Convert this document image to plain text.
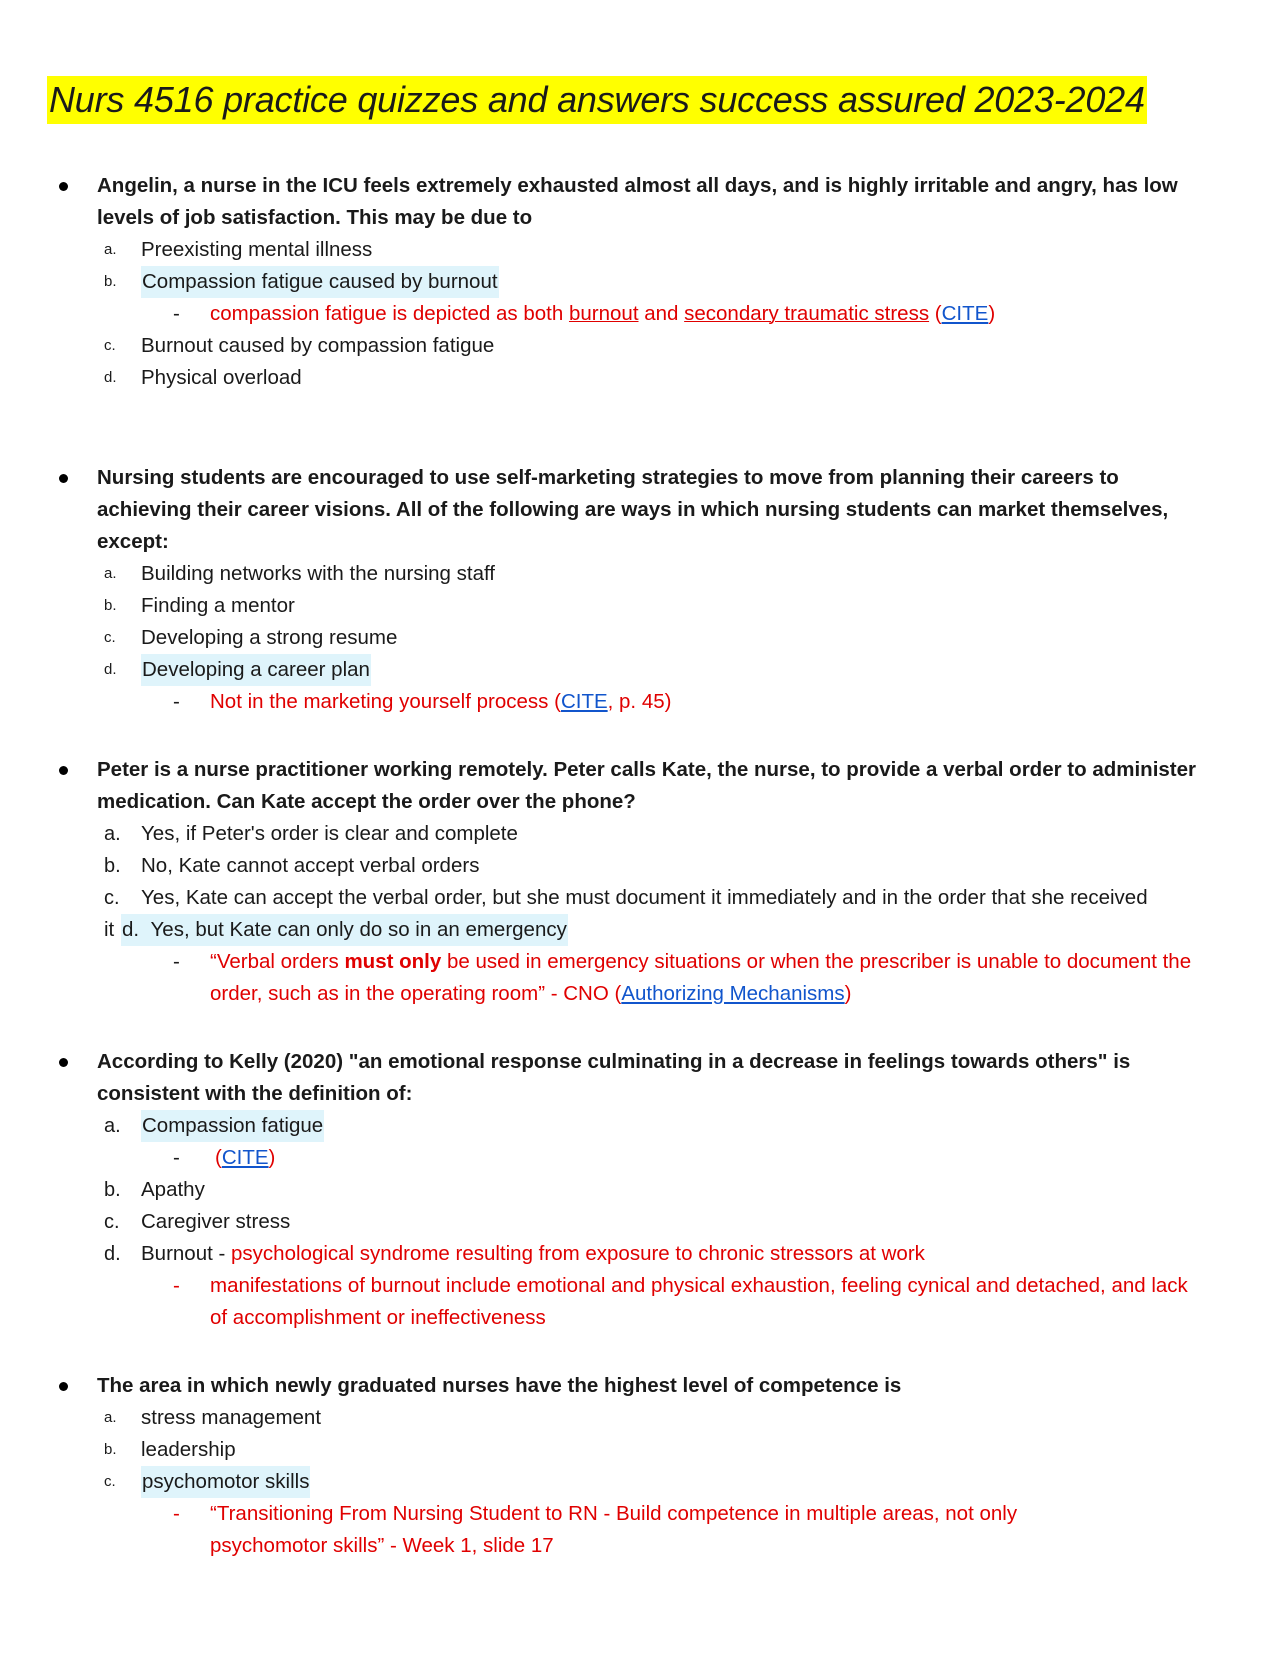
Nurs 4516 practice quizzes and answers success assured 2023-2024

Angelin, a nurse in the ICU feels extremely exhausted almost all days, and is highly irritable and angry, has low levels of job satisfaction. This may be due to

a. Preexisting mental illness
b. Compassion fatigue caused by burnout
- compassion fatigue is depicted as both burnout and secondary traumatic stress (CITE)
c. Burnout caused by compassion fatigue
d. Physical overload

Nursing students are encouraged to use self-marketing strategies to move from planning their careers to achieving their career visions. All of the following are ways in which nursing students can market themselves, except:

a. Building networks with the nursing staff
b. Finding a mentor
c. Developing a strong resume
d. Developing a career plan
- Not in the marketing yourself process (CITE, p. 45)

Peter is a nurse practitioner working remotely. Peter calls Kate, the nurse, to provide a verbal order to administer medication. Can Kate accept the order over the phone?

a. Yes, if Peter's order is clear and complete
b. No, Kate cannot accept verbal orders
c. Yes, Kate can accept the verbal order, but she must document it immediately and in the order that she received
it d. Yes, but Kate can only do so in an emergency
- “Verbal orders must only be used in emergency situations or when the prescriber is unable to document the order, such as in the operating room” - CNO (Authorizing Mechanisms)

According to Kelly (2020) "an emotional response culminating in a decrease in feelings towards others" is consistent with the definition of:

a. Compassion fatigue
- (CITE)
b. Apathy
c. Caregiver stress
d. Burnout - psychological syndrome resulting from exposure to chronic stressors at work
- manifestations of burnout include emotional and physical exhaustion, feeling cynical and detached, and lack of accomplishment or ineffectiveness

The area in which newly graduated nurses have the highest level of competence is

a. stress management
b. leadership
c. psychomotor skills
- “Transitioning From Nursing Student to RN - Build competence in multiple areas, not only psychomotor skills” - Week 1, slide 17
